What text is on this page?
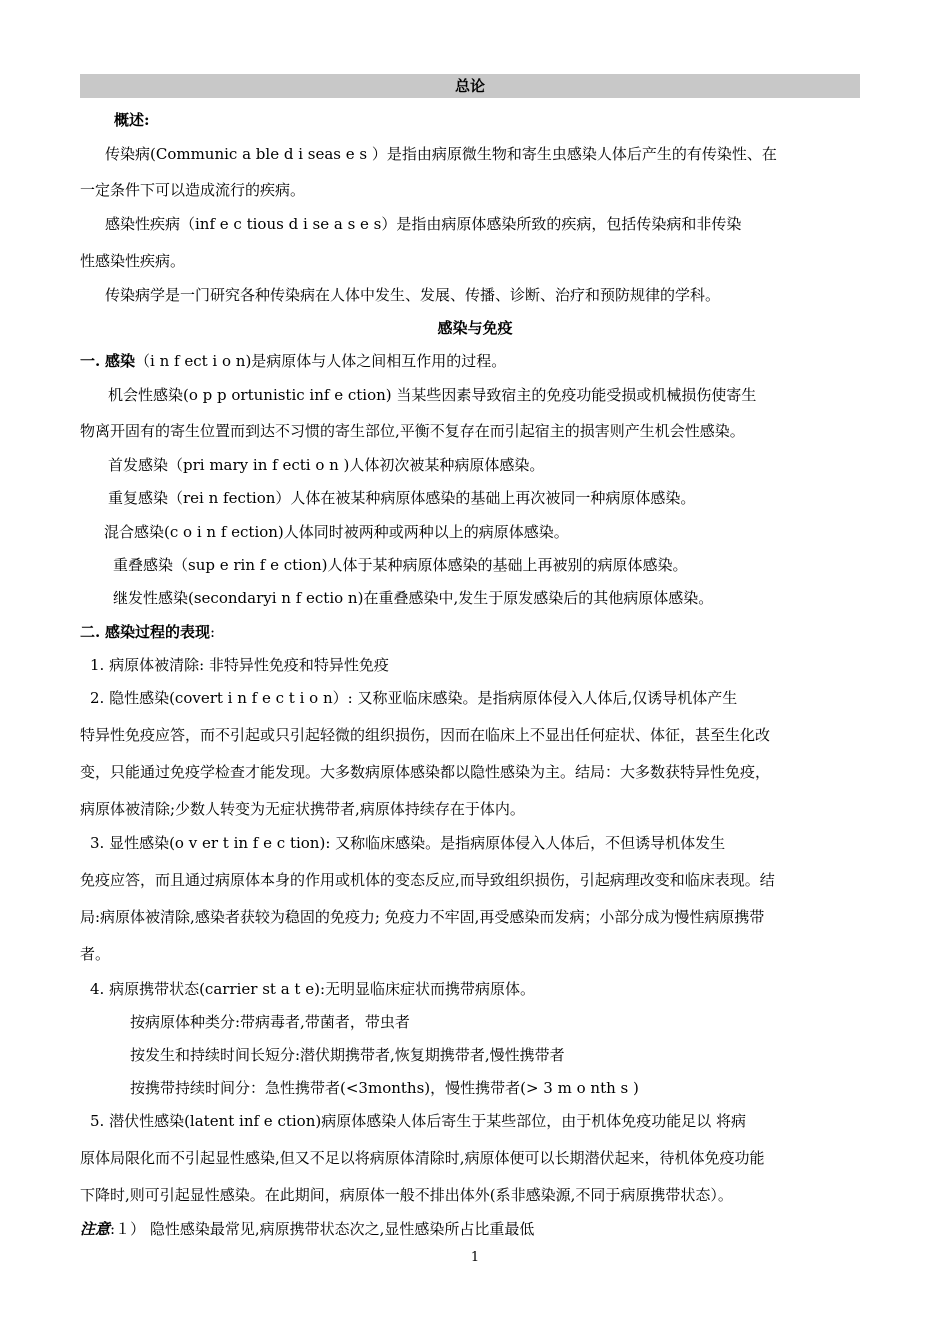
总论
概述:
传染病(Communic a ble d i seas e s ）是指由病原微生物和寄生虫感染人体后产生的有传染性、在
一定条件下可以造成流行的疾病。
感染性疾病（inf e c tious d i se a s e s）是指由病原体感染所致的疾病，包括传染病和非传染
性感染性疾病。
传染病学是一门研究各种传染病在人体中发生、发展、传播、诊断、治疗和预防规律的学科。
感染与免疫
一. 感染（i n f ect i o n)是病原体与人体之间相互作用的过程。
机会性感染(o p p ortunistic inf e ction) 当某些因素导致宿主的免疫功能受损或机械损伤使寄生
物离开固有的寄生位置而到达不习惯的寄生部位,平衡不复存在而引起宿主的损害则产生机会性感染。
首发感染（pri mary in f ecti o n )人体初次被某种病原体感染。
重复感染（rei n fection）人体在被某种病原体感染的基础上再次被同一种病原体感染。
混合感染(c o i n f ection)人体同时被两种或两种以上的病原体感染。
重叠感染（sup e rin f e ction)人体于某种病原体感染的基础上再被别的病原体感染。
继发性感染(secondaryi n f ectio n)在重叠感染中,发生于原发感染后的其他病原体感染。
二. 感染过程的表现:
1. 病原体被清除: 非特异性免疫和特异性免疫
2. 隐性感染(covert i n f e c t i o n）: 又称亚临床感染。是指病原体侵入人体后,仅诱导机体产生
特异性免疫应答，而不引起或只引起轻微的组织损伤，因而在临床上不显出任何症状、体征，甚至生化改
变，只能通过免疫学检查才能发现。大多数病原体感染都以隐性感染为主。结局：大多数获特异性免疫，
病原体被清除;少数人转变为无症状携带者,病原体持续存在于体内。
3. 显性感染(o v er t in f e c tion): 又称临床感染。是指病原体侵入人体后，不但诱导机体发生
免疫应答，而且通过病原体本身的作用或机体的变态反应,而导致组织损伤，引起病理改变和临床表现。结
局:病原体被清除,感染者获较为稳固的免疫力; 免疫力不牢固,再受感染而发病；小部分成为慢性病原携带
者。
4. 病原携带状态(carrier st a t e):无明显临床症状而携带病原体。
按病原体种类分:带病毒者,带菌者，带虫者
按发生和持续时间长短分:潜伏期携带者,恢复期携带者,慢性携带者
按携带持续时间分：急性携带者(<3months)，慢性携带者(> 3 m o nth s )
5. 潜伏性感染(latent inf e ction)病原体感染人体后寄生于某些部位，由于机体免疫功能足以 将病
原体局限化而不引起显性感染,但又不足以将病原体清除时,病原体便可以长期潜伏起来，待机体免疫功能
下降时,则可引起显性感染。在此期间，病原体一般不排出体外(系非感染源,不同于病原携带状态）。
注意:１） 隐性感染最常见,病原携带状态次之,显性感染所占比重最低
1
